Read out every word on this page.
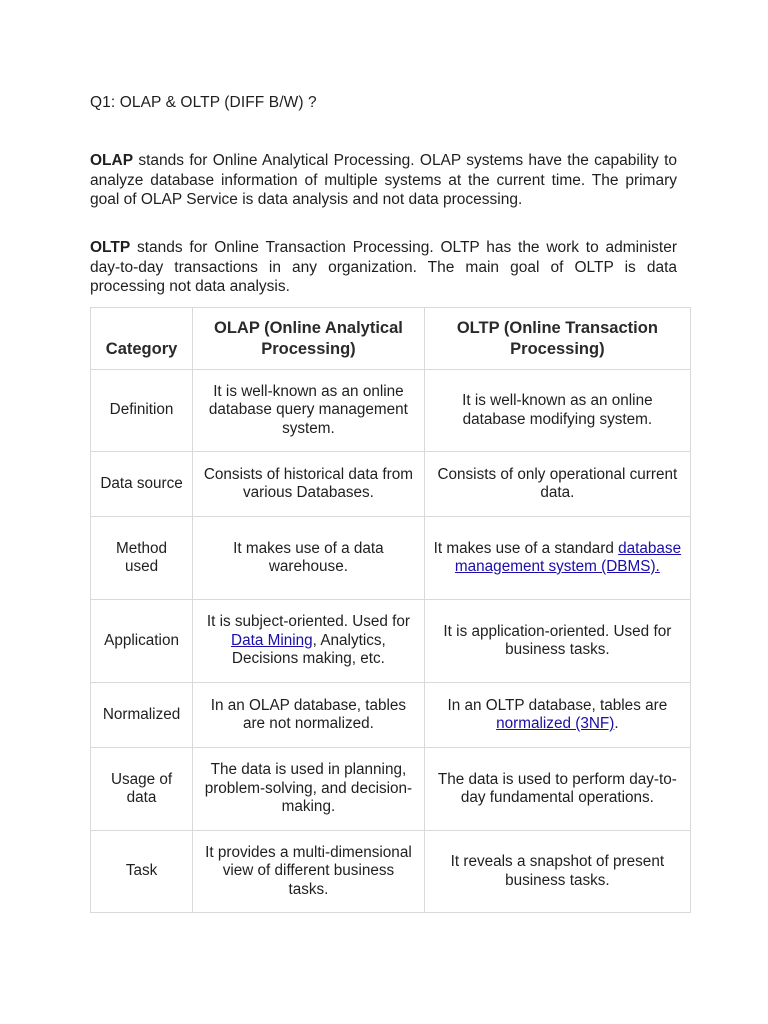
Q1: OLAP & OLTP (DIFF B/W) ?

OLAP stands for Online Analytical Processing. OLAP systems have the capability to analyze database information of multiple systems at the current time. The primary goal of OLAP Service is data analysis and not data processing.

OLTP stands for Online Transaction Processing. OLTP has the work to administer day-to-day transactions in any organization. The main goal of OLTP is data processing not data analysis.

Category	OLAP (Online Analytical Processing)	OLTP (Online Transaction Processing)
Definition	It is well-known as an online database query management system.	It is well-known as an online database modifying system.
Data source	Consists of historical data from various Databases.	Consists of only operational current data.
Method used	It makes use of a data warehouse.	It makes use of a standard database management system (DBMS).
Application	It is subject-oriented. Used for Data Mining, Analytics, Decisions making, etc.	It is application-oriented. Used for business tasks.
Normalized	In an OLAP database, tables are not normalized.	In an OLTP database, tables are normalized (3NF).
Usage of data	The data is used in planning, problem-solving, and decision-making.	The data is used to perform day-to-day fundamental operations.
Task	It provides a multi-dimensional view of different business tasks.	It reveals a snapshot of present business tasks.
